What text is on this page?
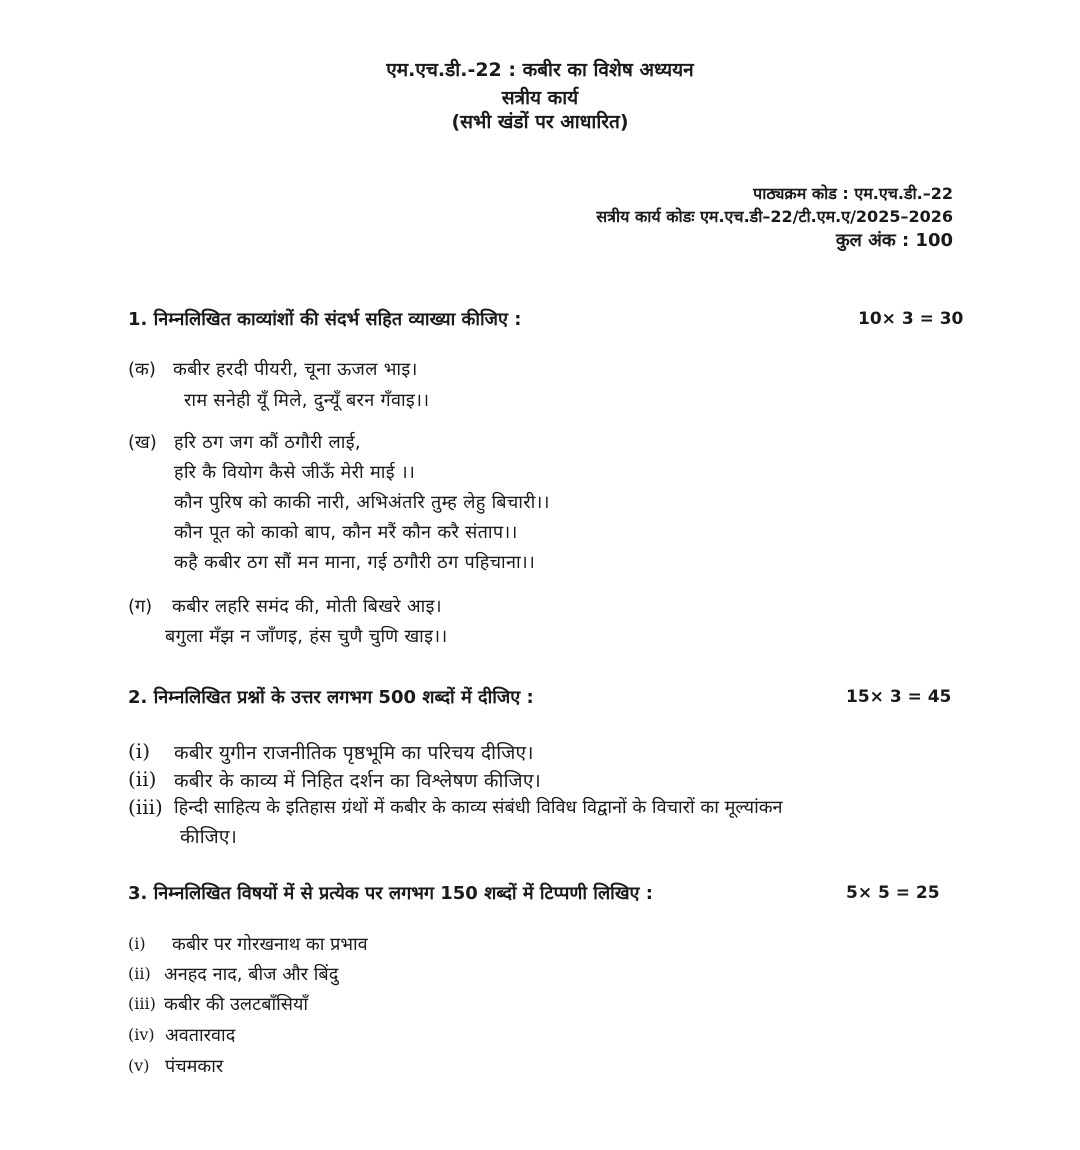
एम.एच.डी.-22 : कबीर का विशेष अध्ययन
सत्रीय कार्य
(सभी खंडों पर आधारित)
पाठ्यक्रम कोड : एम.एच.डी.–22
सत्रीय कार्य कोडः एम.एच.डी–22/टी.एम.ए/2025–2026
कुल अंक : 100
1. निम्नलिखित काव्यांशों की संदर्भ सहित व्याख्या कीजिए :	10× 3 = 30
(क) कबीर हरदी पीयरी, चूना ऊजल भाइ।
राम सनेही यूँ मिले, दुन्यूँ बरन गँवाइ।।
(ख) हरि ठग जग कौं ठगौरी लाई,
हरि कै वियोग कैसे जीऊँ मेरी माई ।।
कौन पुरिष को काकी नारी, अभिअंतरि तुम्ह लेहु बिचारी।।
कौन पूत को काको बाप, कौन मरैं कौन करै संताप।।
कहै कबीर ठग सौं मन माना, गई ठगौरी ठग पहिचाना।।
(ग) कबीर लहरि समंद की, मोती बिखरे आइ।
बगुला मँझ न जाँणइ, हंस चुणै चुणि खाइ।।
2. निम्नलिखित प्रश्नों के उत्तर लगभग 500 शब्दों में दीजिए :	15× 3 = 45
(i) कबीर युगीन राजनीतिक पृष्ठभूमि का परिचय दीजिए।
(ii) कबीर के काव्य में निहित दर्शन का विश्लेषण कीजिए।
(iii) हिन्दी साहित्य के इतिहास ग्रंथों में कबीर के काव्य संबंधी विविध विद्वानों के विचारों का मूल्यांकन
कीजिए।
3. निम्नलिखित विषयों में से प्रत्येक पर लगभग 150 शब्दों में टिप्पणी लिखिए :	5× 5 = 25
(i) कबीर पर गोरखनाथ का प्रभाव
(ii) अनहद नाद, बीज और बिंदु
(iii) कबीर की उलटबाँसियाँ
(iv) अवतारवाद
(v) पंचमकार
